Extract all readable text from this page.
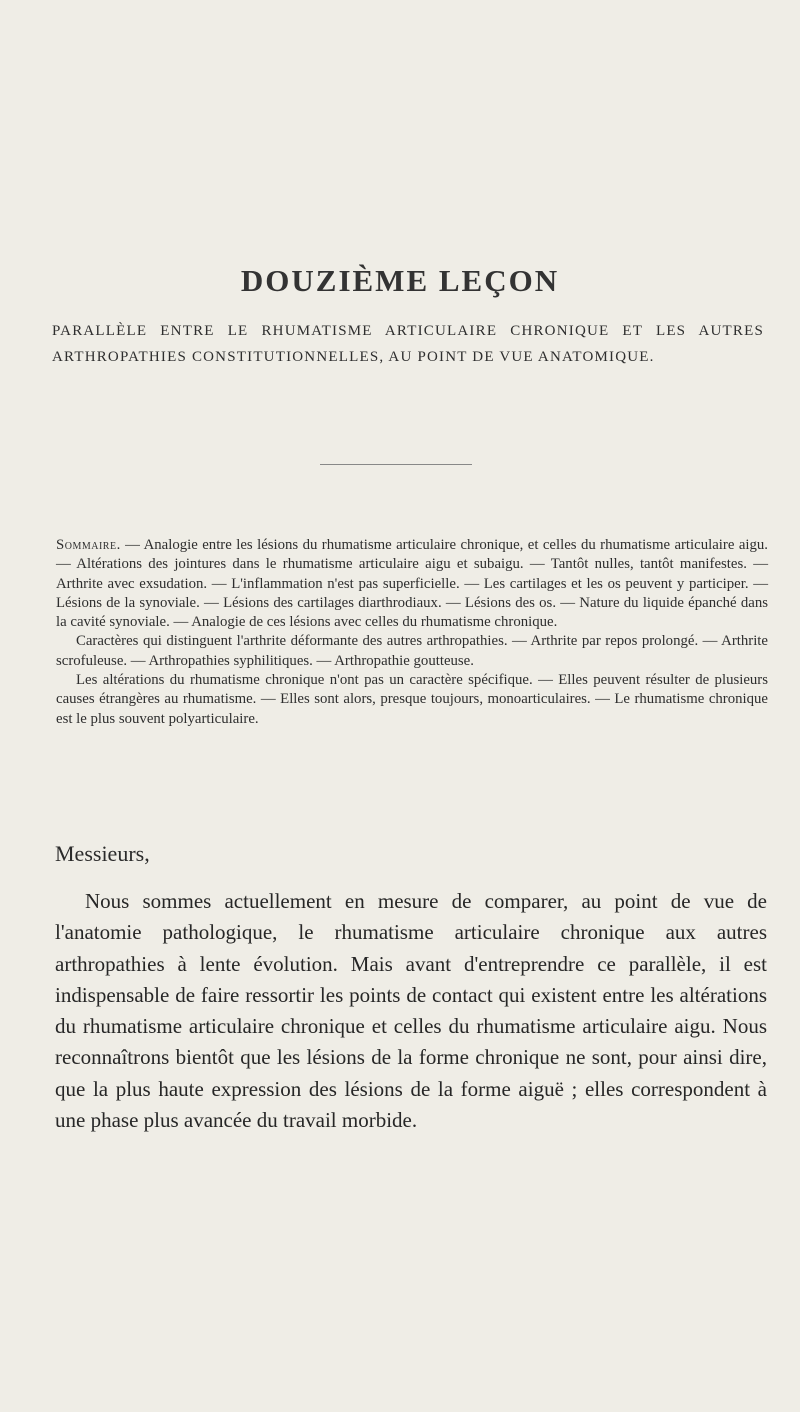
DOUZIÈME LEÇON

PARALLÈLE ENTRE LE RHUMATISME ARTICULAIRE CHRONIQUE ET LES AUTRES ARTHROPATHIES CONSTITUTIONNELLES, AU POINT DE VUE ANATOMIQUE.

Sommaire. — Analogie entre les lésions du rhumatisme articulaire chronique, et celles du rhumatisme articulaire aigu. — Altérations des jointures dans le rhumatisme articulaire aigu et subaigu. — Tantôt nulles, tantôt manifestes. — Arthrite avec exsudation. — L'inflammation n'est pas superficielle. — Les cartilages et les os peuvent y participer. — Lésions de la synoviale. — Lésions des cartilages diarthrodiaux. — Lésions des os. — Nature du liquide épanché dans la cavité synoviale. — Analogie de ces lésions avec celles du rhumatisme chronique.

Caractères qui distinguent l'arthrite déformante des autres arthropathies. — Arthrite par repos prolongé. — Arthrite scrofuleuse. — Arthropathies syphilitiques. — Arthropathie goutteuse.

Les altérations du rhumatisme chronique n'ont pas un caractère spécifique. — Elles peuvent résulter de plusieurs causes étrangères au rhumatisme. — Elles sont alors, presque toujours, monoarticulaires. — Le rhumatisme chronique est le plus souvent polyarticulaire.

Messieurs,

Nous sommes actuellement en mesure de comparer, au point de vue de l'anatomie pathologique, le rhumatisme articulaire chronique aux autres arthropathies à lente évolution. Mais avant d'entreprendre ce parallèle, il est indispensable de faire ressortir les points de contact qui existent entre les altérations du rhumatisme articulaire chronique et celles du rhumatisme articulaire aigu. Nous reconnaîtrons bientôt que les lésions de la forme chronique ne sont, pour ainsi dire, que la plus haute expression des lésions de la forme aiguë ; elles correspondent à une phase plus avancée du travail morbide.
